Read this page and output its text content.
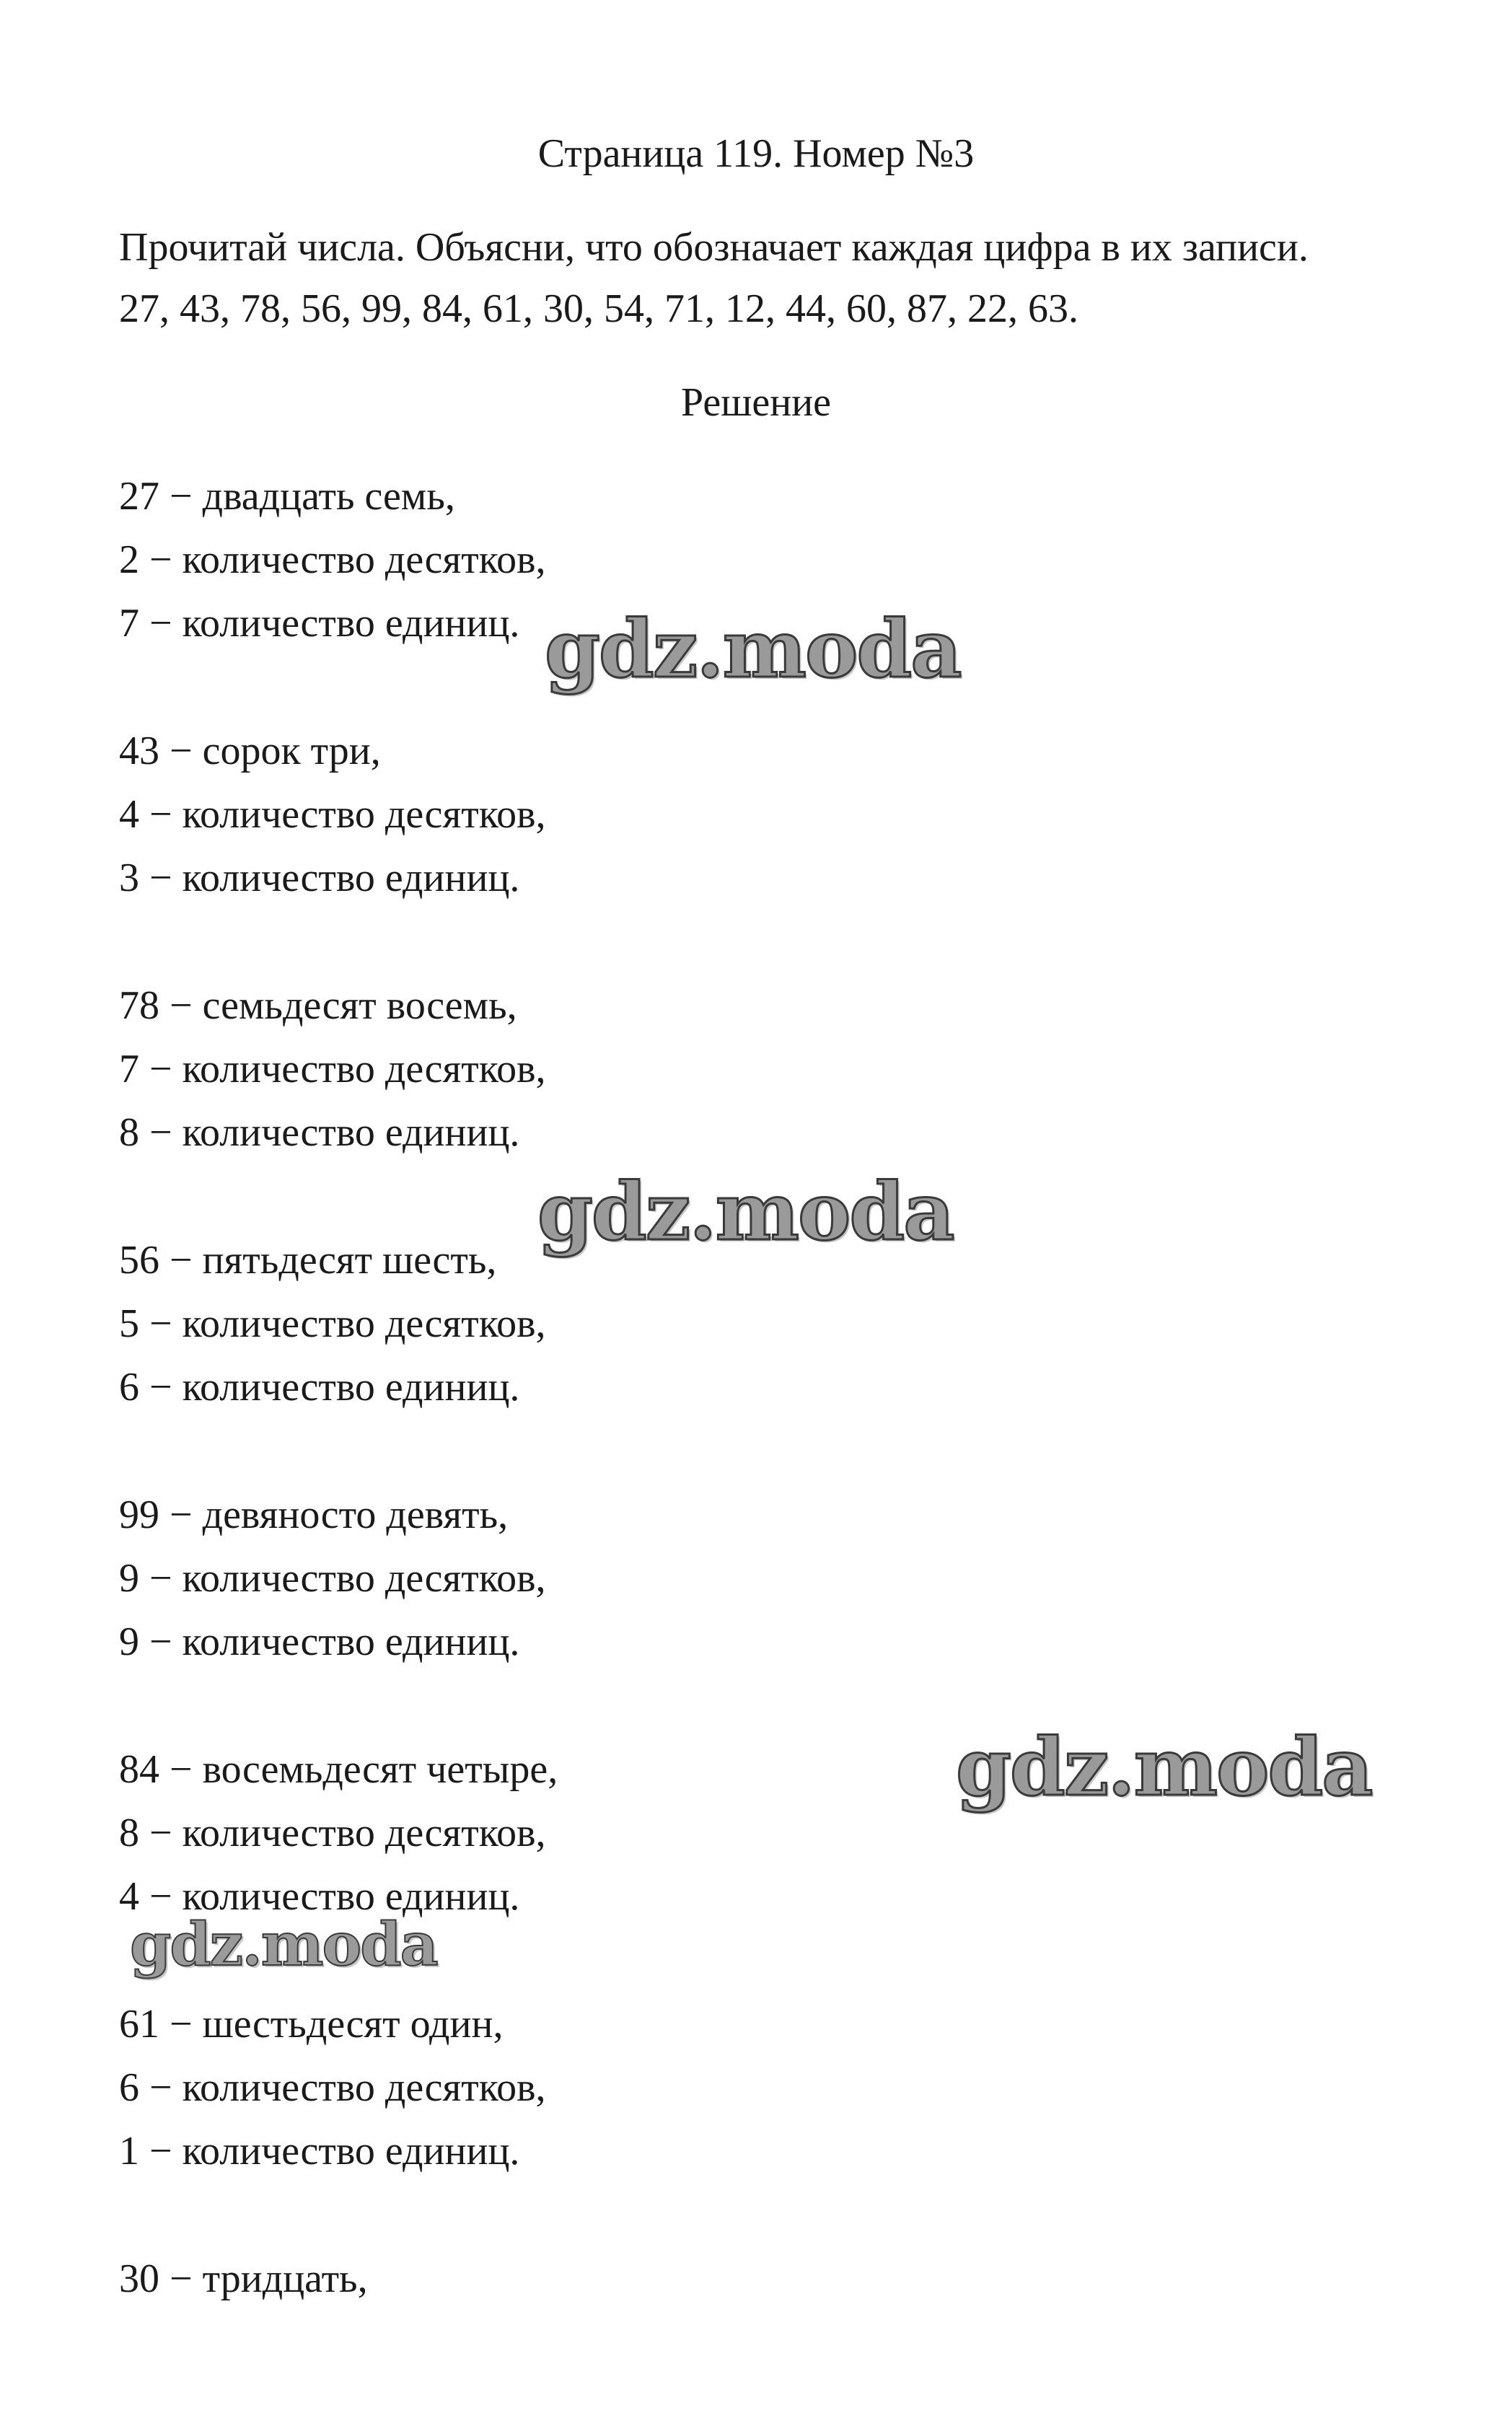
Страница 119. Номер №3
Прочитай числа. Объясни, что обозначает каждая цифра в их записи.
27, 43, 78, 56, 99, 84, 61, 30, 54, 71, 12, 44, 60, 87, 22, 63.
Решение
27 − двадцать семь,
2 − количество десятков,
7 − количество единиц.
43 − сорок три,
4 − количество десятков,
3 − количество единиц.
78 − семьдесят восемь,
7 − количество десятков,
8 − количество единиц.
56 − пятьдесят шесть,
5 − количество десятков,
6 − количество единиц.
99 − девяносто девять,
9 − количество десятков,
9 − количество единиц.
84 − восемьдесят четыре,
8 − количество десятков,
4 − количество единиц.
61 − шестьдесят один,
6 − количество десятков,
1 − количество единиц.
30 − тридцать,
gdz.moda
gdz.moda
gdz.moda
gdz.moda
